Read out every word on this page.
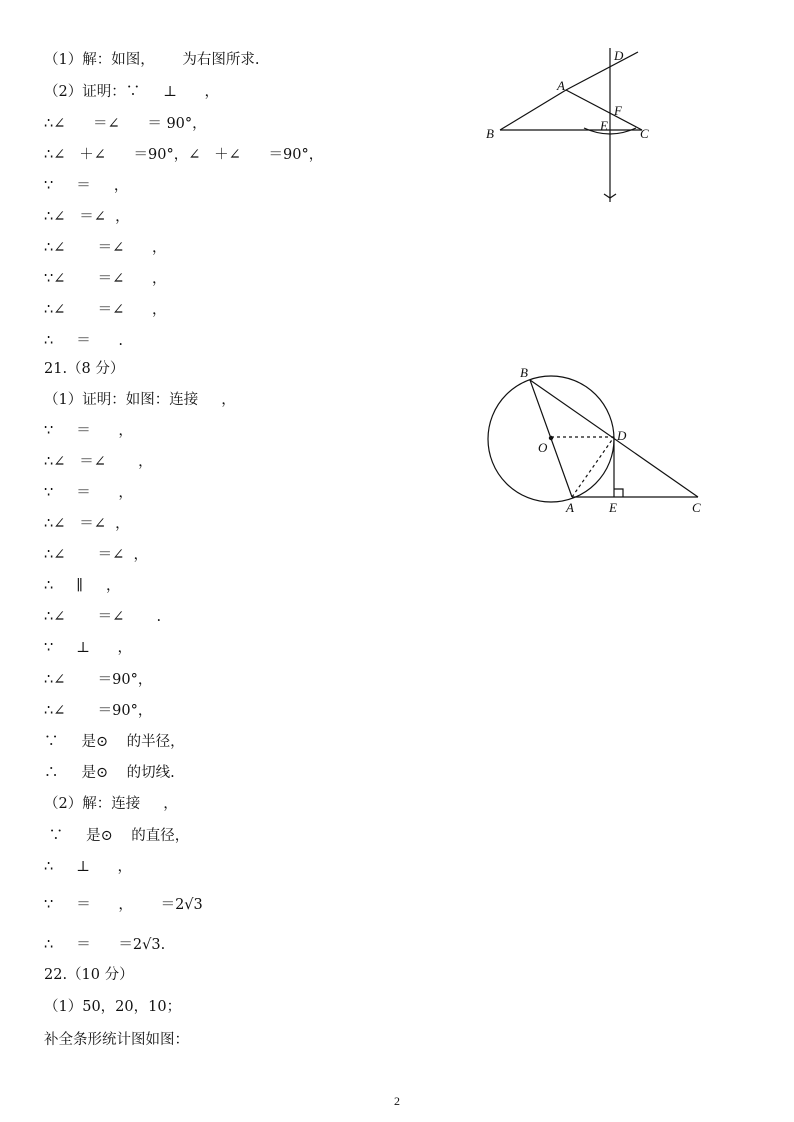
（1）解：如图，      为右图所求.
（2）证明：∵     ⊥      ，
∴∠      ＝∠      ＝ 90°，
∴∠   ＋∠      ＝90°，∠   ＋∠      ＝90°，
∵     ＝     ，
∴∠   ＝∠  ，
∴∠       ＝∠      ，
∵∠       ＝∠      ，
∴∠       ＝∠      ，
∴     ＝      .
21.（8 分）
（1）证明：如图：连接     ，
∵     ＝      ，
∴∠   ＝∠       ，
∵     ＝      ，
∴∠   ＝∠  ，
∴∠       ＝∠  ，
∴     ∥     ，
∴∠       ＝∠       .
∵     ⊥      ，
∴∠       ＝90°，
∴∠       ＝90°，
∵     是⊙    的半径，
∴     是⊙    的切线.
（2）解：连接     ，
∵     是⊙    的直径，
∴     ⊥      ，
∵     ＝      ，      ＝2√3
∴     ＝      ＝2√3.
22.（10 分）
（1）50，20，10；
补全条形统计图如图：
D
A
F
B
E
C
B
O
D
A	E	C
2
